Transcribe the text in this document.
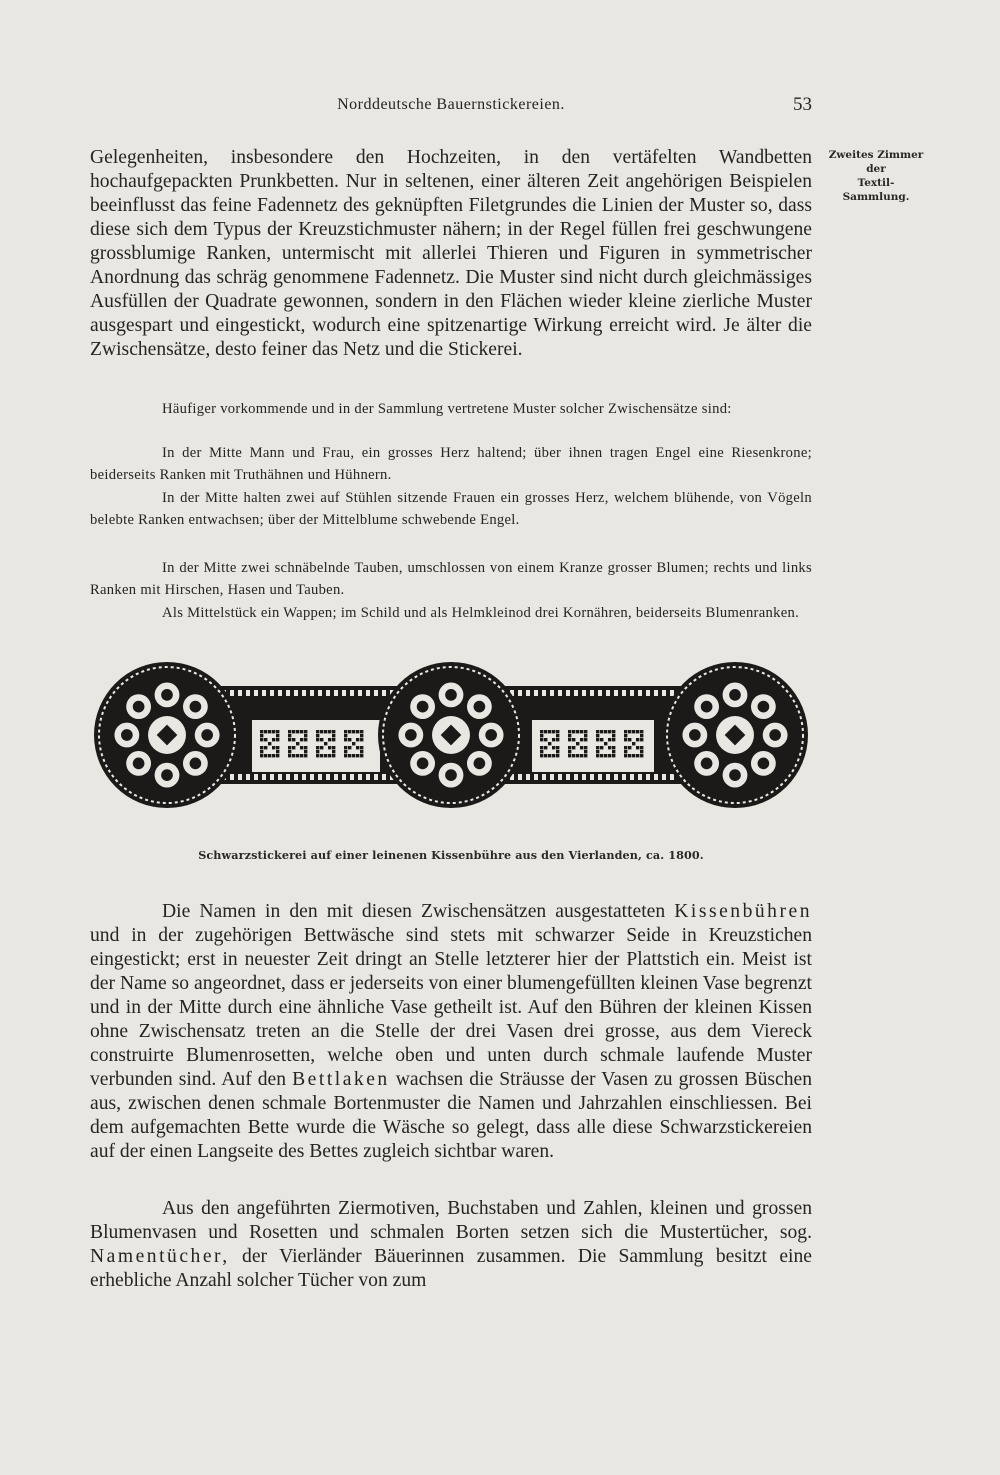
Norddeutsche Bauernstickereien.	53
Zweites Zimmer
der
Textil-
Sammlung.

Gelegenheiten, insbesondere den Hochzeiten, in den vertäfelten Wandbetten hochaufgepackten Prunkbetten. Nur in seltenen, einer älteren Zeit angehörigen Beispielen beeinflusst das feine Fadennetz des geknüpften Filetgrundes die Linien der Muster so, dass diese sich dem Typus der Kreuzstichmuster nähern; in der Regel füllen frei geschwungene grossblumige Ranken, untermischt mit allerlei Thieren und Figuren in symmetrischer Anordnung das schräg genommene Fadennetz. Die Muster sind nicht durch gleichmässiges Ausfüllen der Quadrate gewonnen, sondern in den Flächen wieder kleine zierliche Muster ausgespart und eingestickt, wodurch eine spitzenartige Wirkung erreicht wird. Je älter die Zwischensätze, desto feiner das Netz und die Stickerei.

Häufiger vorkommende und in der Sammlung vertretene Muster solcher Zwischensätze sind:

In der Mitte Mann und Frau, ein grosses Herz haltend; über ihnen tragen Engel eine Riesenkrone; beiderseits Ranken mit Truthähnen und Hühnern.

In der Mitte halten zwei auf Stühlen sitzende Frauen ein grosses Herz, welchem blühende, von Vögeln belebte Ranken entwachsen; über der Mittelblume schwebende Engel.

In der Mitte zwei schnäbelnde Tauben, umschlossen von einem Kranze grosser Blumen; rechts und links Ranken mit Hirschen, Hasen und Tauben.

Als Mittelstück ein Wappen; im Schild und als Helmkleinod drei Kornähren, beiderseits Blumenranken.

Schwarzstickerei auf einer leinenen Kissenbühre aus den Vierlanden, ca. 1800.

Die Namen in den mit diesen Zwischensätzen ausgestatteten Kissenbühren und in der zugehörigen Bettwäsche sind stets mit schwarzer Seide in Kreuzstichen eingestickt; erst in neuester Zeit dringt an Stelle letzterer hier der Plattstich ein. Meist ist der Name so angeordnet, dass er jederseits von einer blumengefüllten kleinen Vase begrenzt und in der Mitte durch eine ähnliche Vase getheilt ist. Auf den Bühren der kleinen Kissen ohne Zwischensatz treten an die Stelle der drei Vasen drei grosse, aus dem Viereck construirte Blumenrosetten, welche oben und unten durch schmale laufende Muster verbunden sind. Auf den Bettlaken wachsen die Sträusse der Vasen zu grossen Büschen aus, zwischen denen schmale Bortenmuster die Namen und Jahrzahlen einschliessen. Bei dem aufgemachten Bette wurde die Wäsche so gelegt, dass alle diese Schwarzstickereien auf der einen Langseite des Bettes zugleich sichtbar waren.

Aus den angeführten Ziermotiven, Buchstaben und Zahlen, kleinen und grossen Blumenvasen und Rosetten und schmalen Borten setzen sich die Mustertücher, sog. Namentücher, der Vierländer Bäuerinnen zusammen. Die Sammlung besitzt eine erhebliche Anzahl solcher Tücher von zum
